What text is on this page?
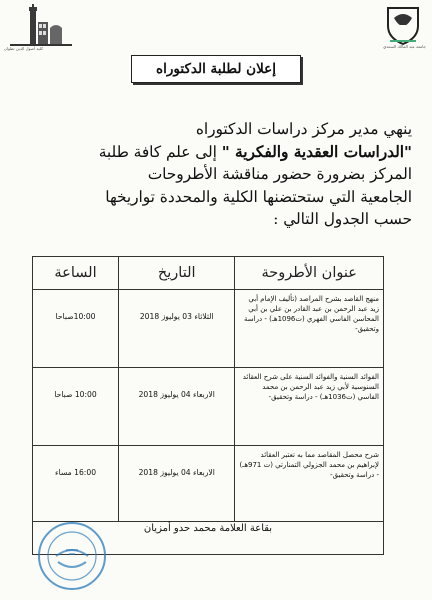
كلية أصول الدين تطوان	جامعة عبد المالك السعدي
إعلان لطلبة الدكتوراه
ينهي مدير مركز دراسات الدكتوراه
"الدراسات العقدية والفكرية " إلى علم كافة طلبة
المركز بضرورة حضور مناقشة الأطروحات
الجامعية التي ستحتضنها الكلية والمحددة تواريخها
حسب الجدول التالي :
عنوان الأطروحة	التاريخ	الساعة
منهج القاصد بشرح المراصد (تأليف الإمام أبي زيد عبد الرحمن بن عبد القادر بن علي بن أبي المحاسن الفاسي الفهري (ت1096هـ) - دراسة وتحقيق-	الثلاثاء 03 يوليوز 2018	10:00صباحا
الفوائد السنية والفوائد السنية على شرح العقائد السنوسية لأبي زيد عبد الرحمن بن محمد الفاسي (ت1036هـ) - دراسة وتحقيق-	الاربعاء 04 يوليوز 2018	10:00 صباحا
شرح محصل المقاصد مما به تعتبر العقائد لإبراهيم بن محمد الجزولي التمنارتي (ت 971هـ) - دراسة وتحقيق-	الاربعاء 04 يوليوز 2018	16:00 مساء
بقاعة العلامة محمد حدو أمزيان		
